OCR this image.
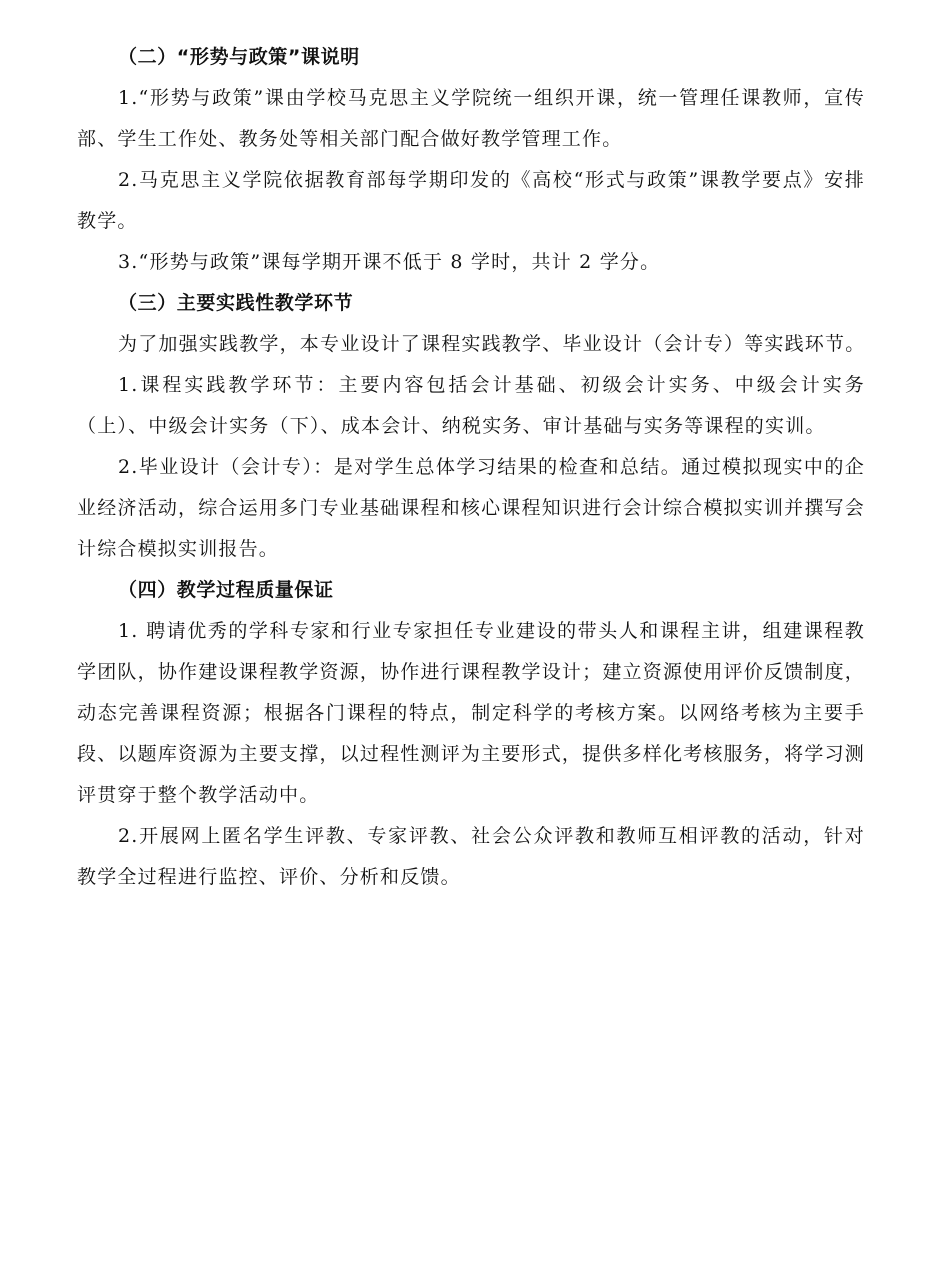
（二）“形势与政策”课说明

1.“形势与政策”课由学校马克思主义学院统一组织开课，统一管理任课教师，宣传部、学生工作处、教务处等相关部门配合做好教学管理工作。

2.马克思主义学院依据教育部每学期印发的《高校“形式与政策”课教学要点》安排教学。

3.“形势与政策”课每学期开课不低于 8 学时，共计 2 学分。

（三）主要实践性教学环节

为了加强实践教学，本专业设计了课程实践教学、毕业设计（会计专）等实践环节。

1.课程实践教学环节：主要内容包括会计基础、初级会计实务、中级会计实务（上）、中级会计实务（下）、成本会计、纳税实务、审计基础与实务等课程的实训。

2.毕业设计（会计专）：是对学生总体学习结果的检查和总结。通过模拟现实中的企业经济活动，综合运用多门专业基础课程和核心课程知识进行会计综合模拟实训并撰写会计综合模拟实训报告。

（四）教学过程质量保证

1. 聘请优秀的学科专家和行业专家担任专业建设的带头人和课程主讲，组建课程教学团队，协作建设课程教学资源，协作进行课程教学设计；建立资源使用评价反馈制度，动态完善课程资源；根据各门课程的特点，制定科学的考核方案。以网络考核为主要手段、以题库资源为主要支撑，以过程性测评为主要形式，提供多样化考核服务，将学习测评贯穿于整个教学活动中。

2.开展网上匿名学生评教、专家评教、社会公众评教和教师互相评教的活动，针对教学全过程进行监控、评价、分析和反馈。
